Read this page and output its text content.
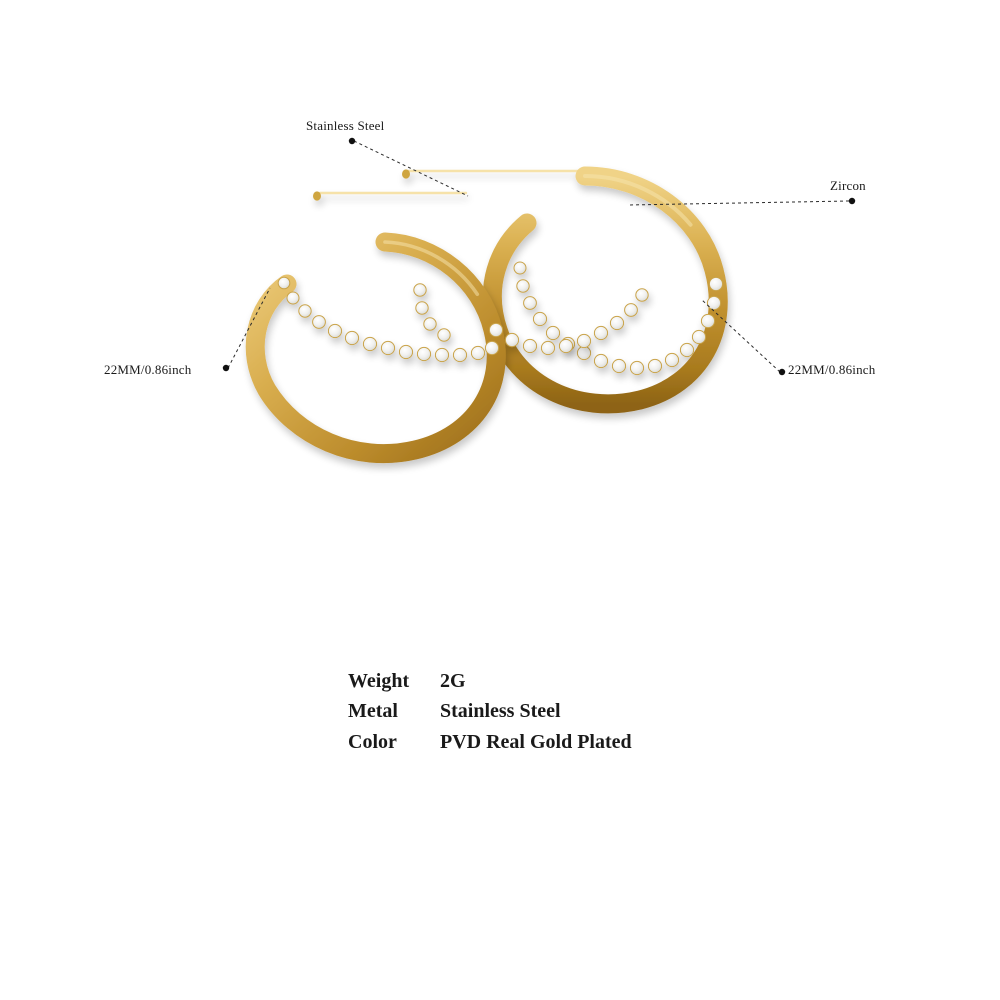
Stainless Steel
Zircon
22MM/0.86inch	22MM/0.86inch
Weight	2G
Metal	Stainless Steel
Color	PVD Real Gold Plated
